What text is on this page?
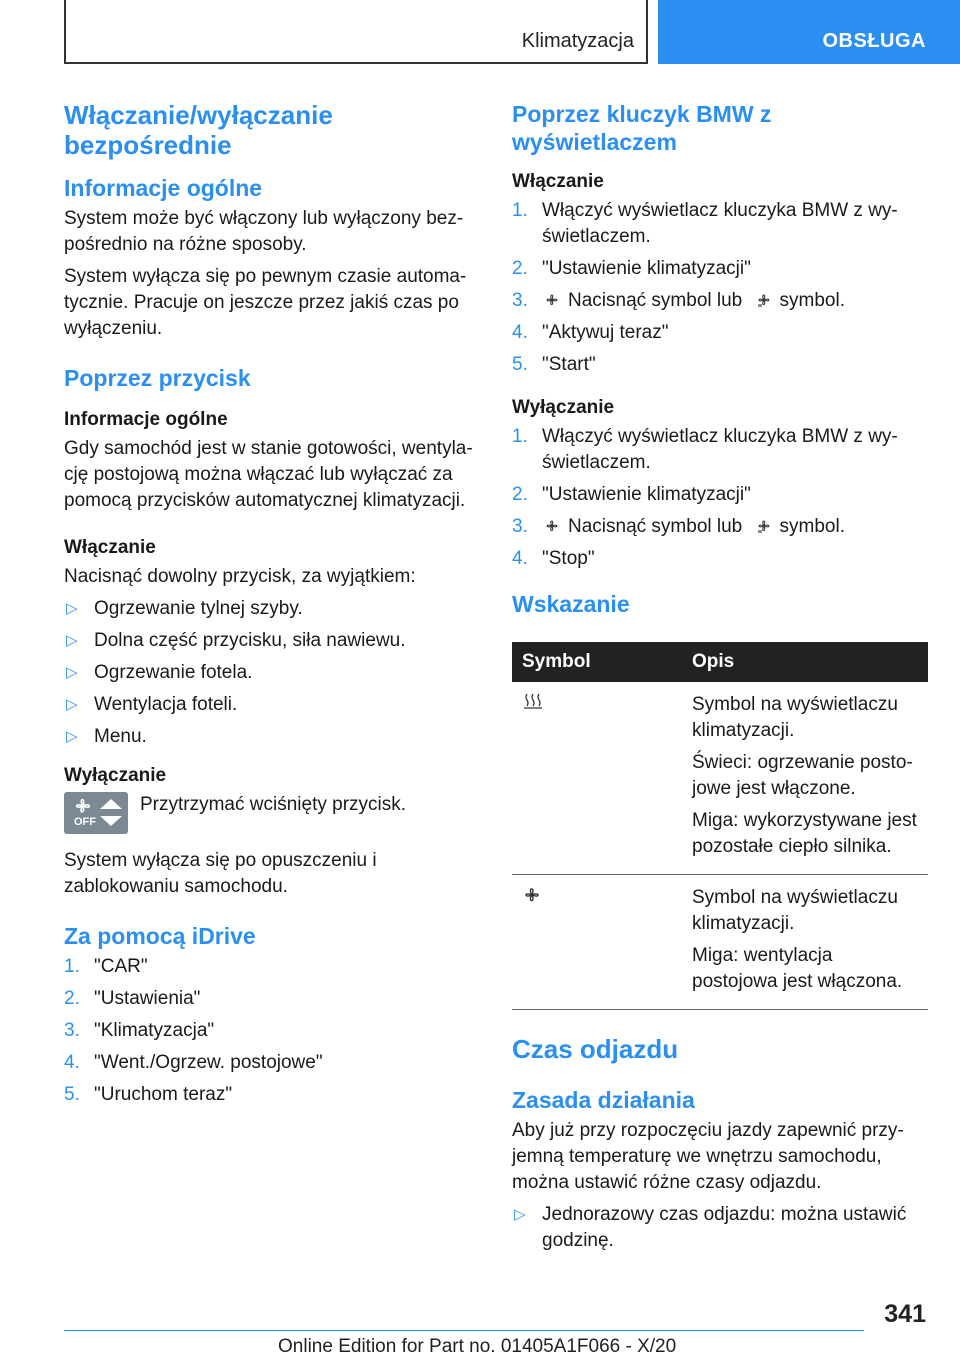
Klimatyzacja	OBSŁUGA
Włączanie/wyłączanie bezpośrednie
Informacje ogólne

System może być włączony lub wyłączony bezpośrednio na różne sposoby.

System wyłącza się po pewnym czasie automatycznie. Pracuje on jeszcze przez jakiś czas po wyłączeniu.

Poprzez przycisk
Informacje ogólne

Gdy samochód jest w stanie gotowości, wentylację postojową można włączać lub wyłączać za pomocą przycisków automatycznej klimatyzacji.

Włączanie

Nacisnąć dowolny przycisk, za wyjątkiem:

▷ Ogrzewanie tylnej szyby.
▷ Dolna część przycisku, siła nawiewu.
▷ Ogrzewanie fotela.
▷ Wentylacja foteli.
▷ Menu.
Wyłączanie
OFF

Przytrzymać wciśnięty przycisk.

System wyłącza się po opuszczeniu i zablokowaniu samochodu.

Za pomocą iDrive
1. "CAR"
2. "Ustawienia"
3. "Klimatyzacja"
4. "Went./Ogrzew. postojowe"
5. "Uruchom teraz"
Poprzez kluczyk BMW z wyświetlaczem
Włączanie
1. Włączyć wyświetlacz kluczyka BMW z wyświetlaczem.
2. "Ustawienie klimatyzacji"
3. Nacisnąć symbol lub symbol.
4. "Aktywuj teraz"
5. "Start"
Wyłączanie
1. Włączyć wyświetlacz kluczyka BMW z wyświetlaczem.
2. "Ustawienie klimatyzacji"
3. Nacisnąć symbol lub symbol.
4. "Stop"
Wskazanie
Symbol	Opis

Symbol na wyświetlaczu klimatyzacji.

Świeci: ogrzewanie postojowe jest włączone.

Miga: wykorzystywane jest pozostałe ciepło silnika.

Symbol na wyświetlaczu klimatyzacji.

Miga: wentylacja postojowa jest włączona.

Czas odjazdu
Zasada działania

Aby już przy rozpoczęciu jazdy zapewnić przyjemną temperaturę we wnętrzu samochodu, można ustawić różne czasy odjazdu.

▷ Jednorazowy czas odjazdu: można ustawić godzinę.
341
Online Edition for Part no. 01405A1F066 - X/20
